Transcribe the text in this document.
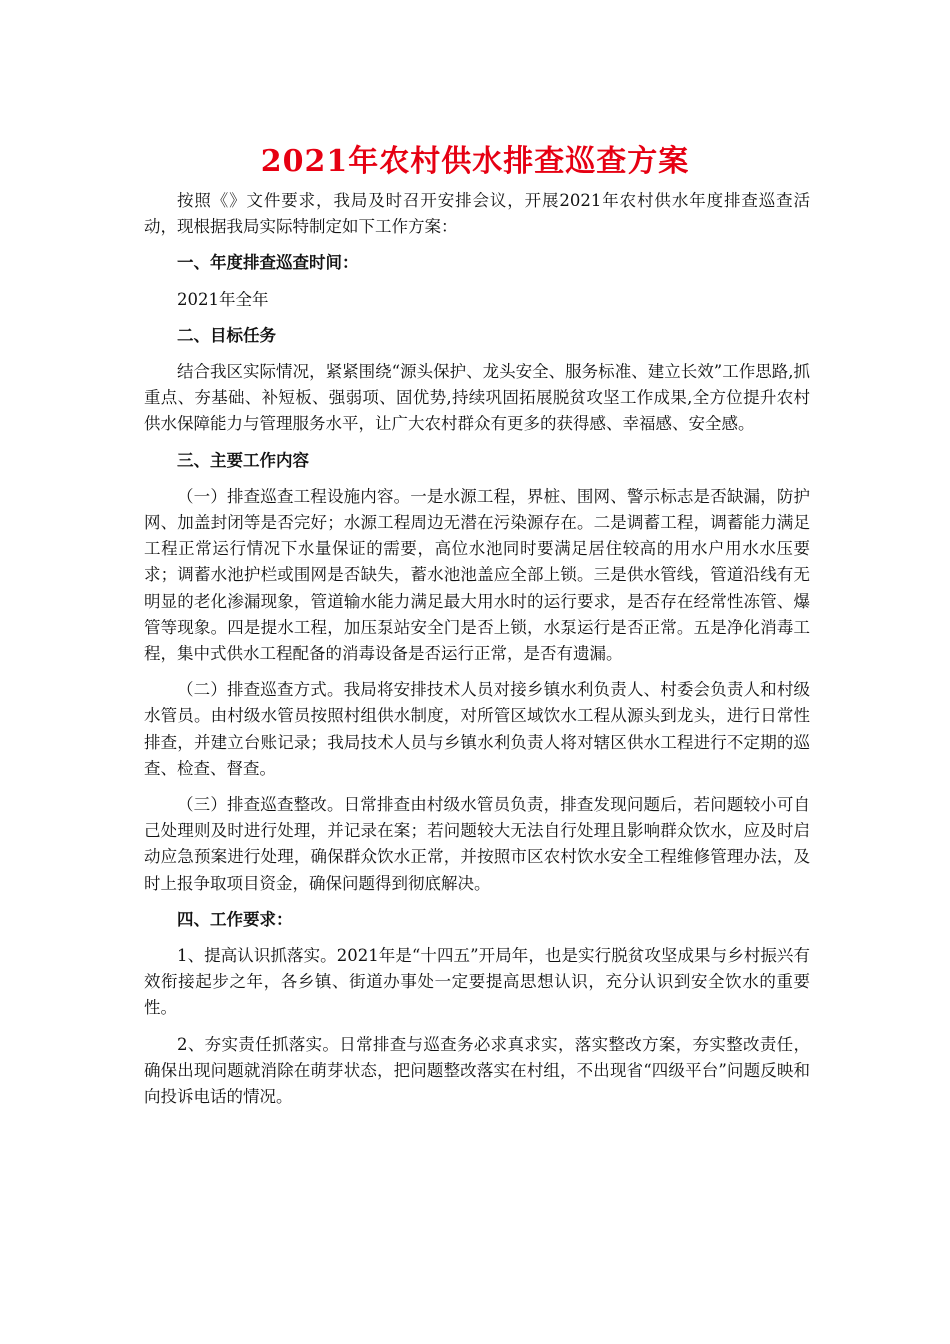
2021年农村供水排查巡查方案

按照《》文件要求，我局及时召开安排会议，开展2021年农村供水年度排查巡查活动，现根据我局实际特制定如下工作方案：

一、年度排查巡查时间：

2021年全年

二、目标任务

结合我区实际情况，紧紧围绕“源头保护、龙头安全、服务标准、建立长效”工作思路,抓重点、夯基础、补短板、强弱项、固优势,持续巩固拓展脱贫攻坚工作成果,全方位提升农村供水保障能力与管理服务水平，让广大农村群众有更多的获得感、幸福感、安全感。

三、主要工作内容

（一）排查巡查工程设施内容。一是水源工程，界桩、围网、警示标志是否缺漏，防护网、加盖封闭等是否完好；水源工程周边无潜在污染源存在。二是调蓄工程，调蓄能力满足工程正常运行情况下水量保证的需要，高位水池同时要满足居住较高的用水户用水水压要求；调蓄水池护栏或围网是否缺失，蓄水池池盖应全部上锁。三是供水管线，管道沿线有无明显的老化渗漏现象，管道输水能力满足最大用水时的运行要求，是否存在经常性冻管、爆管等现象。四是提水工程，加压泵站安全门是否上锁，水泵运行是否正常。五是净化消毒工程，集中式供水工程配备的消毒设备是否运行正常，是否有遗漏。

（二）排查巡查方式。我局将安排技术人员对接乡镇水利负责人、村委会负责人和村级水管员。由村级水管员按照村组供水制度，对所管区域饮水工程从源头到龙头，进行日常性排查，并建立台账记录；我局技术人员与乡镇水利负责人将对辖区供水工程进行不定期的巡查、检查、督查。

（三）排查巡查整改。日常排查由村级水管员负责，排查发现问题后，若问题较小可自己处理则及时进行处理，并记录在案；若问题较大无法自行处理且影响群众饮水，应及时启动应急预案进行处理，确保群众饮水正常，并按照市区农村饮水安全工程维修管理办法，及时上报争取项目资金，确保问题得到彻底解决。

四、工作要求：

1、提高认识抓落实。2021年是“十四五”开局年，也是实行脱贫攻坚成果与乡村振兴有效衔接起步之年，各乡镇、街道办事处一定要提高思想认识，充分认识到安全饮水的重要性。

2、夯实责任抓落实。日常排查与巡查务必求真求实，落实整改方案，夯实整改责任，确保出现问题就消除在萌芽状态，把问题整改落实在村组，不出现省“四级平台”问题反映和向投诉电话的情况。
